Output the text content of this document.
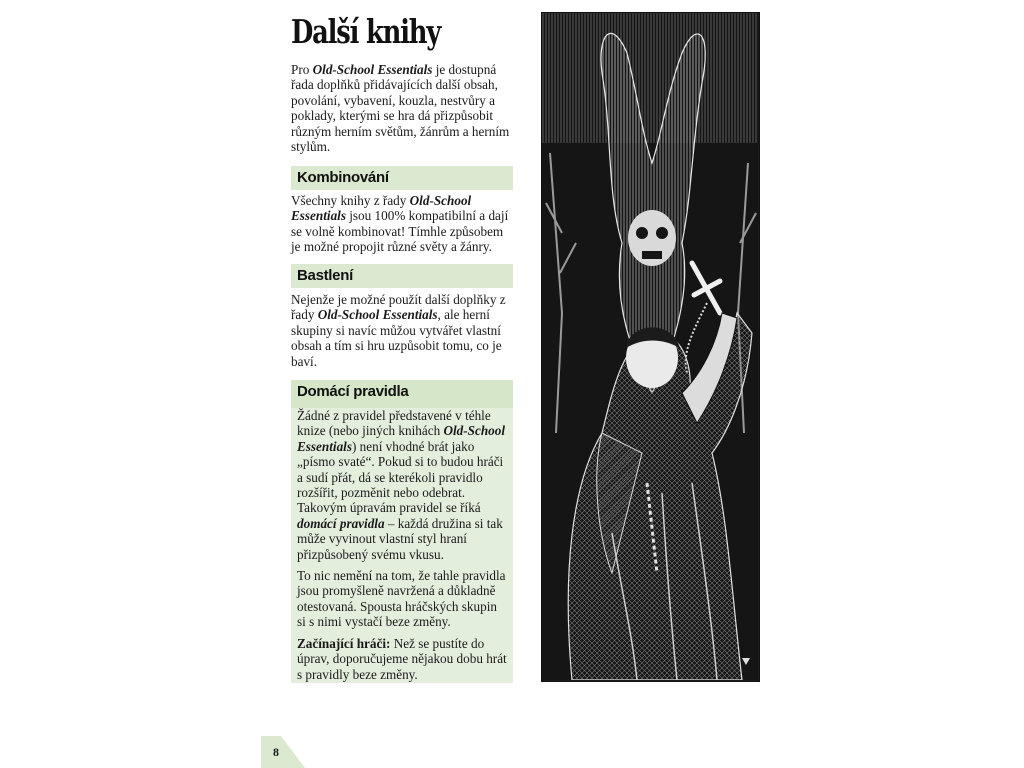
Další knihy

Pro Old-School Essentials je dostupná řada doplňků přidávajících další obsah, povolání, vybavení, kouzla, nestvůry a poklady, kterými se hra dá přizpůsobit různým herním světům, žánrům a herním stylům.

Kombinování

Všechny knihy z řady Old-School Essentials jsou 100% kompatibilní a dají se volně kombinovat! Tímhle způsobem je možné propojit různé světy a žánry.

Bastlení

Nejenže je možné použít další doplňky z řady Old-School Essentials, ale herní skupiny si navíc můžou vytvářet vlastní obsah a tím si hru uzpůsobit tomu, co je baví.

Domácí pravidla

Žádné z pravidel představené v téhle knize (nebo jiných knihách Old-School Essentials) není vhodné brát jako „písmo svaté“. Pokud si to budou hráči a sudí přát, dá se kterékoli pravidlo rozšířit, pozměnit nebo odebrat. Takovým úpravám pravidel se říká domácí pravidla – každá družina si tak může vyvinout vlastní styl hraní přizpůsobený svému vkusu.

To nic nemění na tom, že tahle pravidla jsou promyšleně navržená a důkladně otestovaná. Spousta hráčských skupin si s nimi vystačí beze změny.

Začínající hráči: Než se pustíte do úprav, doporučujeme nějakou dobu hrát s pravidly beze změny.

8
